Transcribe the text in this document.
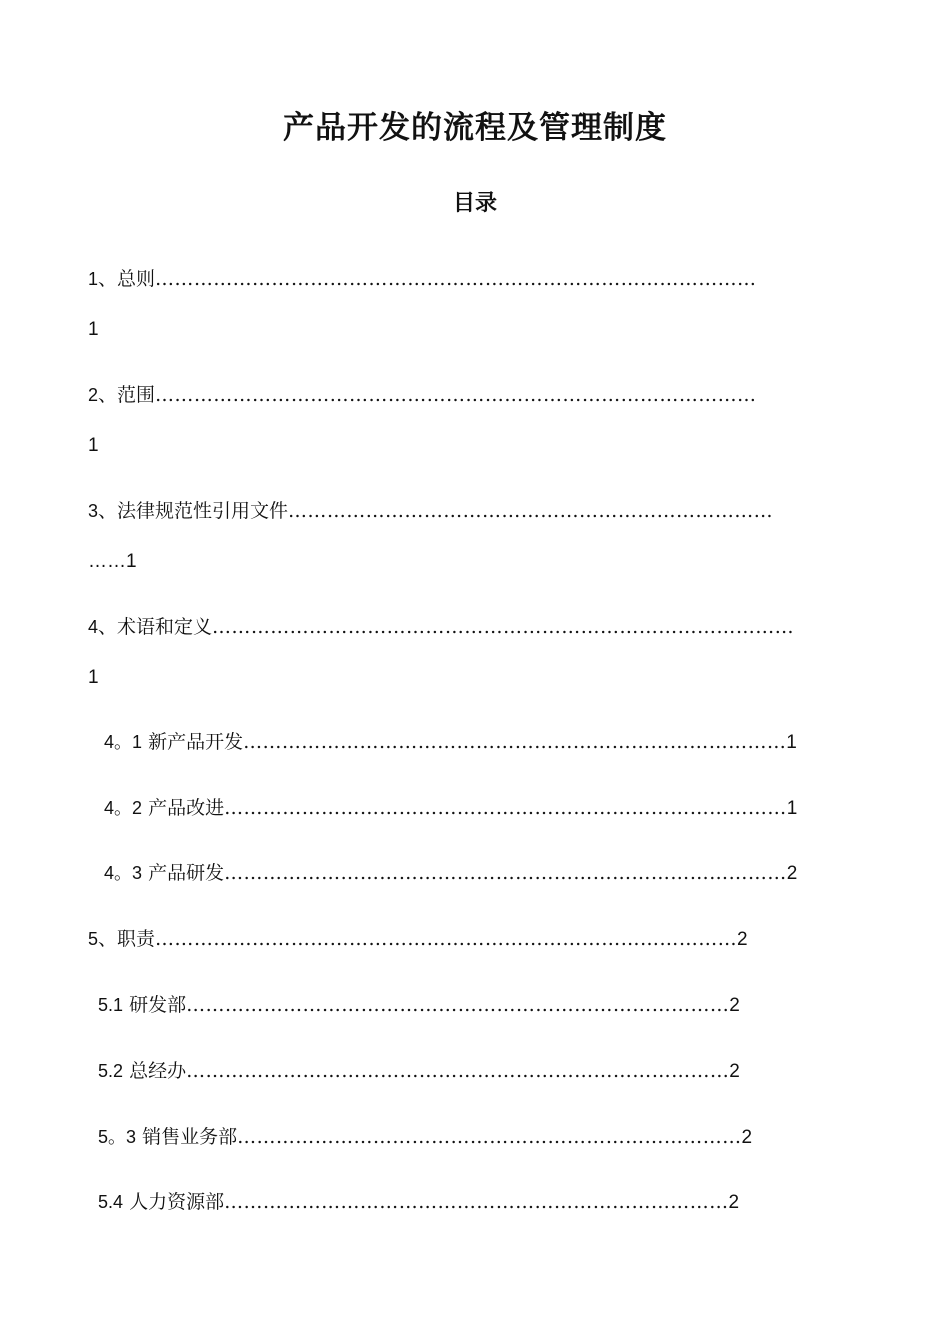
产品开发的流程及管理制度
目录
1、总则…………………………………………………………………………………
1
2、范围…………………………………………………………………………………
1
3、法律规范性引用文件…………………………………………………………………
……1
4、术语和定义………………………………………………………………………………
1
4。1 新产品开发…………………………………………………………………………1
4。2 产品改进……………………………………………………………………………1
4。3 产品研发……………………………………………………………………………2
5、职责………………………………………………………………………………2
5.1 研发部…………………………………………………………………………2
5.2 总经办…………………………………………………………………………2
5。3 销售业务部……………………………………………………………………2
5.4 人力资源部……………………………………………………………………2
